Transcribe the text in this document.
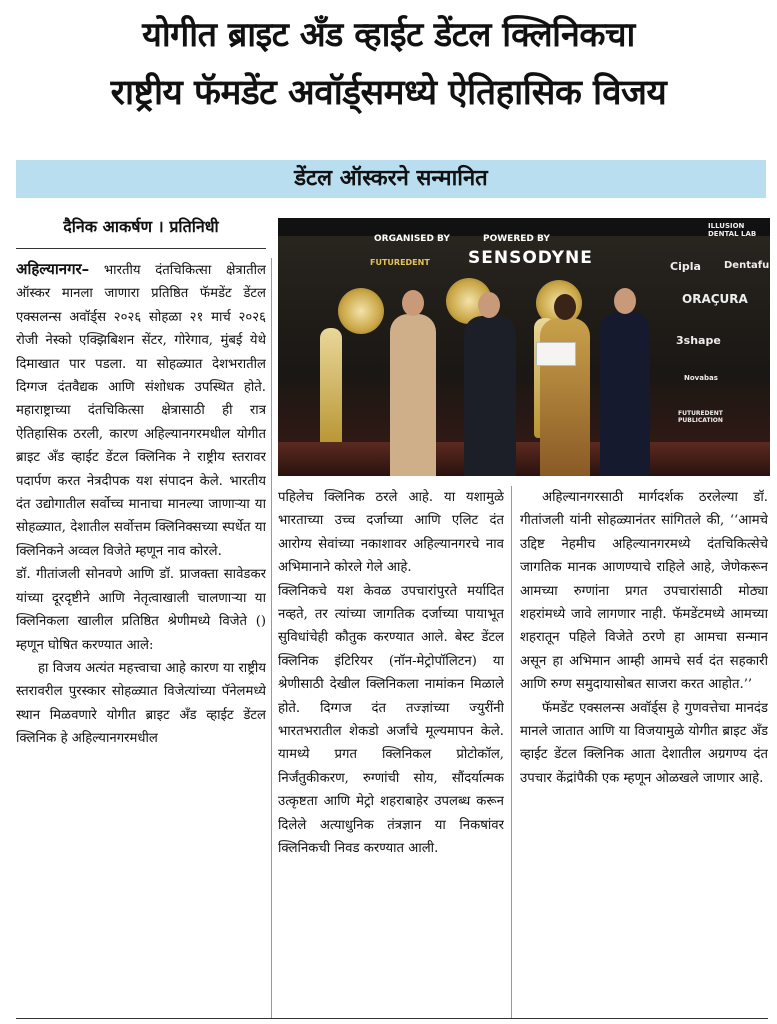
योगीत ब्राइट अँड व्हाईट डेंटल क्लिनिकचा
राष्ट्रीय फॅमडेंट अवॉर्ड्समध्ये ऐतिहासिक विजय
डेंटल ऑस्करने सन्मानित
दैनिक आकर्षण । प्रतिनिधी
ORGANISED BY
FUTUREDENT
POWERED BY
SENSODYNE
ILLUSION DENTAL LAB
Cipla Dentafu
ORAÇURA
3shape
Novabas
FUTUREDENT PUBLICATION

अहिल्यानगर– भारतीय दंतचिकित्सा क्षेत्रातील ऑस्कर मानला जाणारा प्रतिष्ठित फॅमडेंट डेंटल एक्सलन्स अवॉर्ड्स २०२६ सोहळा २१ मार्च २०२६ रोजी नेस्को एक्झिबिशन सेंटर, गोरेगाव, मुंबई येथे दिमाखात पार पडला. या सोहळ्यात देशभरातील दिग्गज दंतवैद्यक आणि संशोधक उपस्थित होते. महाराष्ट्राच्या दंतचिकित्सा क्षेत्रासाठी ही रात्र ऐतिहासिक ठरली, कारण अहिल्यानगरमधील योगीत ब्राइट अँड व्हाईट डेंटल क्लिनिक ने राष्ट्रीय स्तरावर पदार्पण करत नेत्रदीपक यश संपादन केले. भारतीय दंत उद्योगातील सर्वोच्च मानाचा मानल्या जाणाऱ्या या सोहळ्यात, देशातील सर्वोत्तम क्लिनिक्सच्या स्पर्धेत या क्लिनिकने अव्वल विजेते म्हणून नाव कोरले.

डॉ. गीतांजली सोनवणे आणि डॉ. प्राजक्ता सावेडकर यांच्या दूरदृष्टीने आणि नेतृत्वाखाली चालणाऱ्या या क्लिनिकला खालील प्रतिष्ठित श्रेणीमध्ये विजेते () म्हणून घोषित करण्यात आले:

हा विजय अत्यंत महत्त्वाचा आहे कारण या राष्ट्रीय स्तरावरील पुरस्कार सोहळ्यात विजेत्यांच्या पॅनेलमध्ये स्थान मिळवणारे योगीत ब्राइट अँड व्हाईट डेंटल क्लिनिक हे अहिल्यानगरमधील

पहिलेच क्लिनिक ठरले आहे. या यशामुळे भारताच्या उच्च दर्जाच्या आणि एलिट दंत आरोग्य सेवांच्या नकाशावर अहिल्यानगरचे नाव अभिमानाने कोरले गेले आहे.

क्लिनिकचे यश केवळ उपचारांपुरते मर्यादित नव्हते, तर त्यांच्या जागतिक दर्जाच्या पायाभूत सुविधांचेही कौतुक करण्यात आले. बेस्ट डेंटल क्लिनिक इंटिरियर (नॉन-मेट्रोपॉलिटन) या श्रेणीसाठी देखील क्लिनिकला नामांकन मिळाले होते. दिग्गज दंत तज्ज्ञांच्या ज्युरींनी भारतभरातील शेकडो अर्जांचे मूल्यमापन केले. यामध्ये प्रगत क्लिनिकल प्रोटोकॉल, निर्जंतुकीकरण, रुग्णांची सोय, सौंदर्यात्मक उत्कृष्टता आणि मेट्रो शहराबाहेर उपलब्ध करून दिलेले अत्याधुनिक तंत्रज्ञान या निकषांवर क्लिनिकची निवड करण्यात आली.

अहिल्यानगरसाठी मार्गदर्शक ठरलेल्या डॉ. गीतांजली यांनी सोहळ्यानंतर सांगितले की, ‘‘आमचे उद्दिष्ट नेहमीच अहिल्यानगरमध्ये दंतचिकित्सेचे जागतिक मानक आणण्याचे राहिले आहे, जेणेकरून आमच्या रुग्णांना प्रगत उपचारांसाठी मोठ्या शहरांमध्ये जावे लागणार नाही. फॅमडेंटमध्ये आमच्या शहरातून पहिले विजेते ठरणे हा आमचा सन्मान असून हा अभिमान आम्ही आमचे सर्व दंत सहकारी आणि रुग्ण समुदायासोबत साजरा करत आहोत.’’

फॅमडेंट एक्सलन्स अवॉर्ड्स हे गुणवत्तेचा मानदंड मानले जातात आणि या विजयामुळे योगीत ब्राइट अँड व्हाईट डेंटल क्लिनिक आता देशातील अग्रगण्य दंत उपचार केंद्रांपैकी एक म्हणून ओळखले जाणार आहे.
